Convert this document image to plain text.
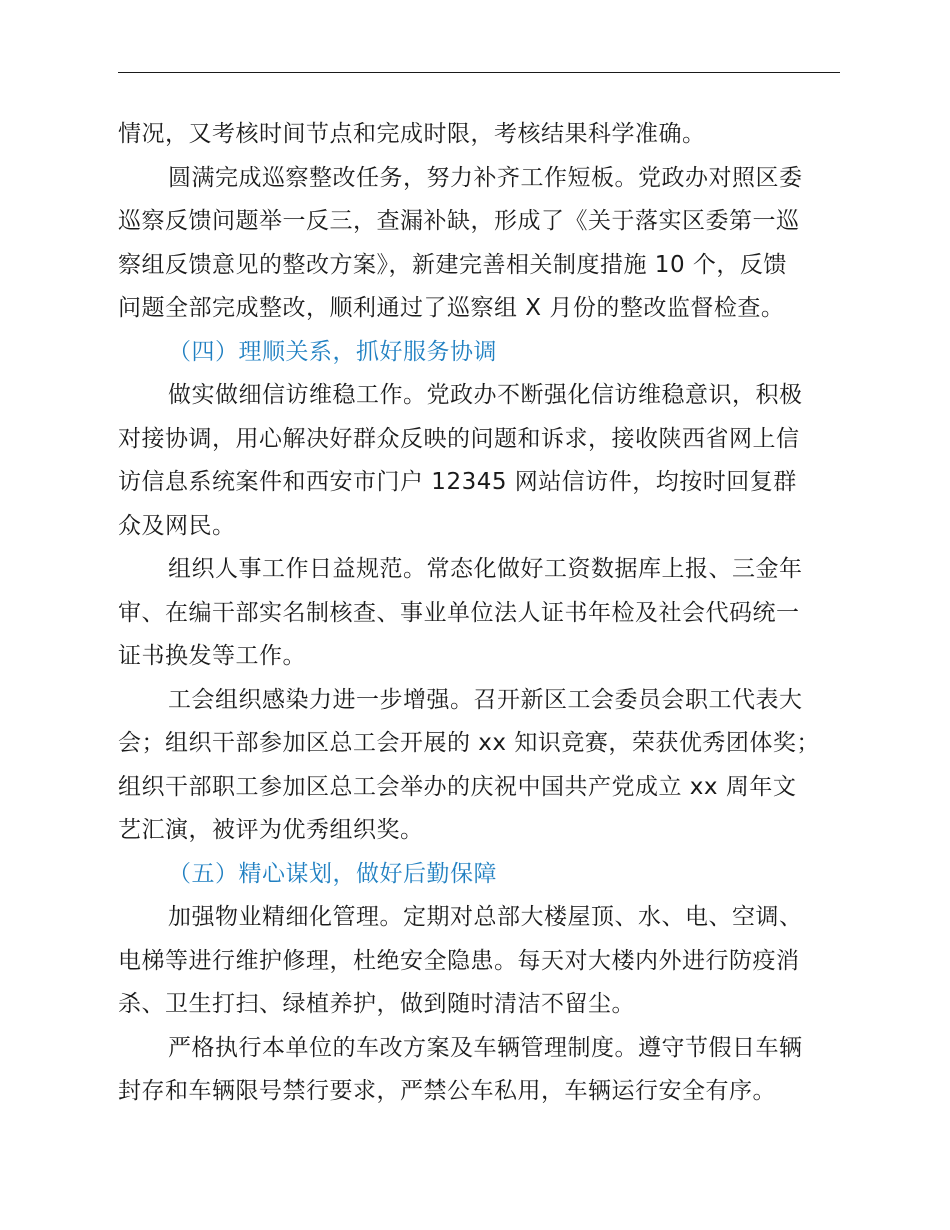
情况，又考核时间节点和完成时限，考核结果科学准确。

圆满完成巡察整改任务，努力补齐工作短板。党政办对照区委
巡察反馈问题举一反三，查漏补缺，形成了《关于落实区委第一巡
察组反馈意见的整改方案》，新建完善相关制度措施 10 个，反馈
问题全部完成整改，顺利通过了巡察组 X 月份的整改监督检查。

（四）理顺关系，抓好服务协调

做实做细信访维稳工作。党政办不断强化信访维稳意识，积极
对接协调，用心解决好群众反映的问题和诉求，接收陕西省网上信
访信息系统案件和西安市门户 12345 网站信访件，均按时回复群
众及网民。

组织人事工作日益规范。常态化做好工资数据库上报、三金年
审、在编干部实名制核查、事业单位法人证书年检及社会代码统一
证书换发等工作。

工会组织感染力进一步增强。召开新区工会委员会职工代表大
会；组织干部参加区总工会开展的 xx 知识竞赛，荣获优秀团体奖；
组织干部职工参加区总工会举办的庆祝中国共产党成立 xx 周年文
艺汇演，被评为优秀组织奖。

（五）精心谋划，做好后勤保障

加强物业精细化管理。定期对总部大楼屋顶、水、电、空调、
电梯等进行维护修理，杜绝安全隐患。每天对大楼内外进行防疫消
杀、卫生打扫、绿植养护，做到随时清洁不留尘。

严格执行本单位的车改方案及车辆管理制度。遵守节假日车辆
封存和车辆限号禁行要求，严禁公车私用，车辆运行安全有序。
